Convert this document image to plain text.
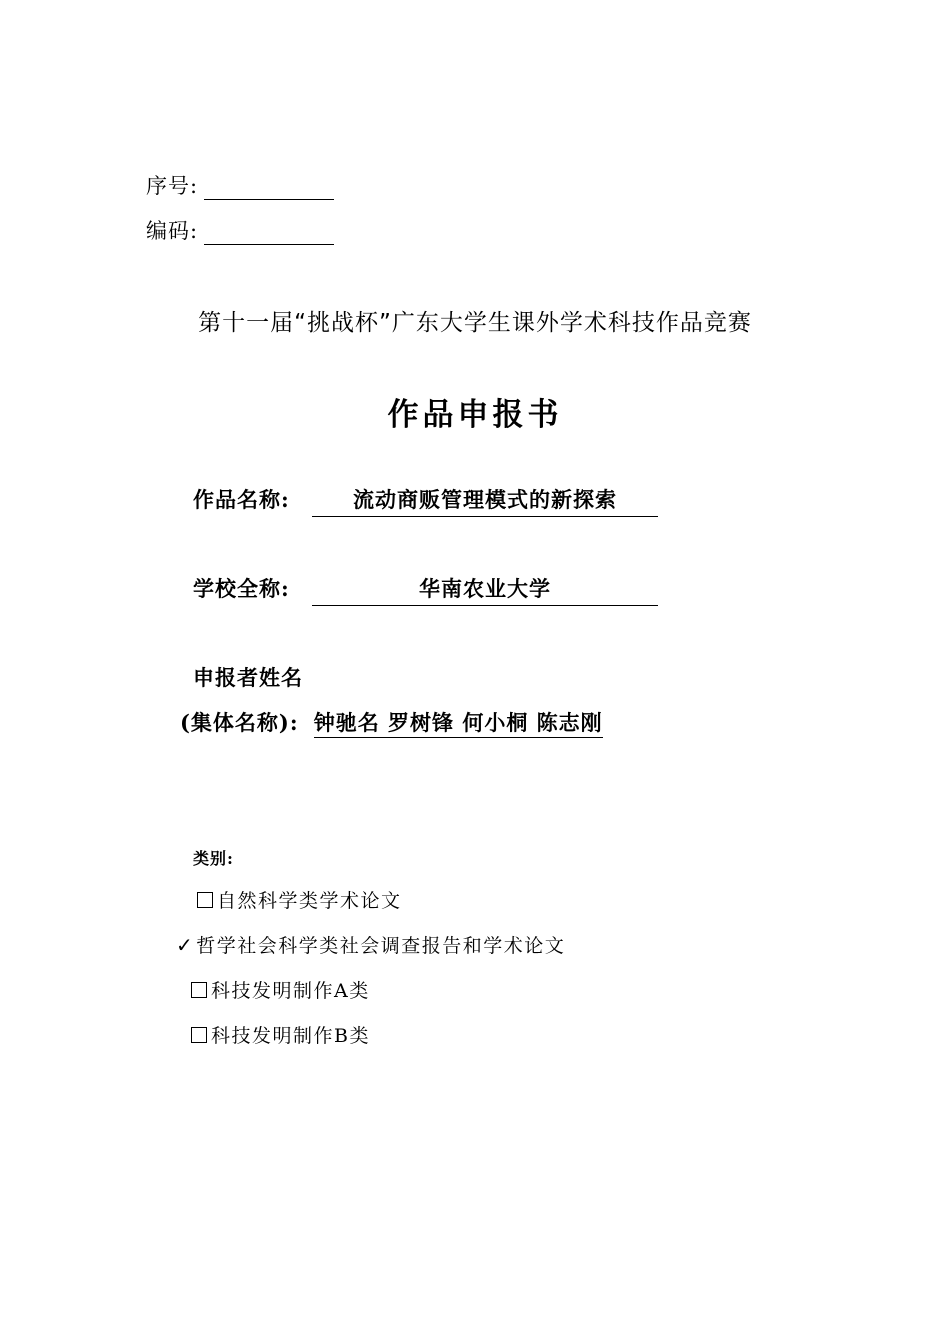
序号:
编码:
第十一届“挑战杯”广东大学生课外学术科技作品竞赛
作品申报书
作品名称:	流动商贩管理模式的新探索
学校全称:	华南农业大学
申报者姓名
(集体名称): 钟驰名 罗树锋 何小桐 陈志刚
类别:
自然科学类学术论文
✓ 哲学社会科学类社会调查报告和学术论文
科技发明制作A类
科技发明制作B类
